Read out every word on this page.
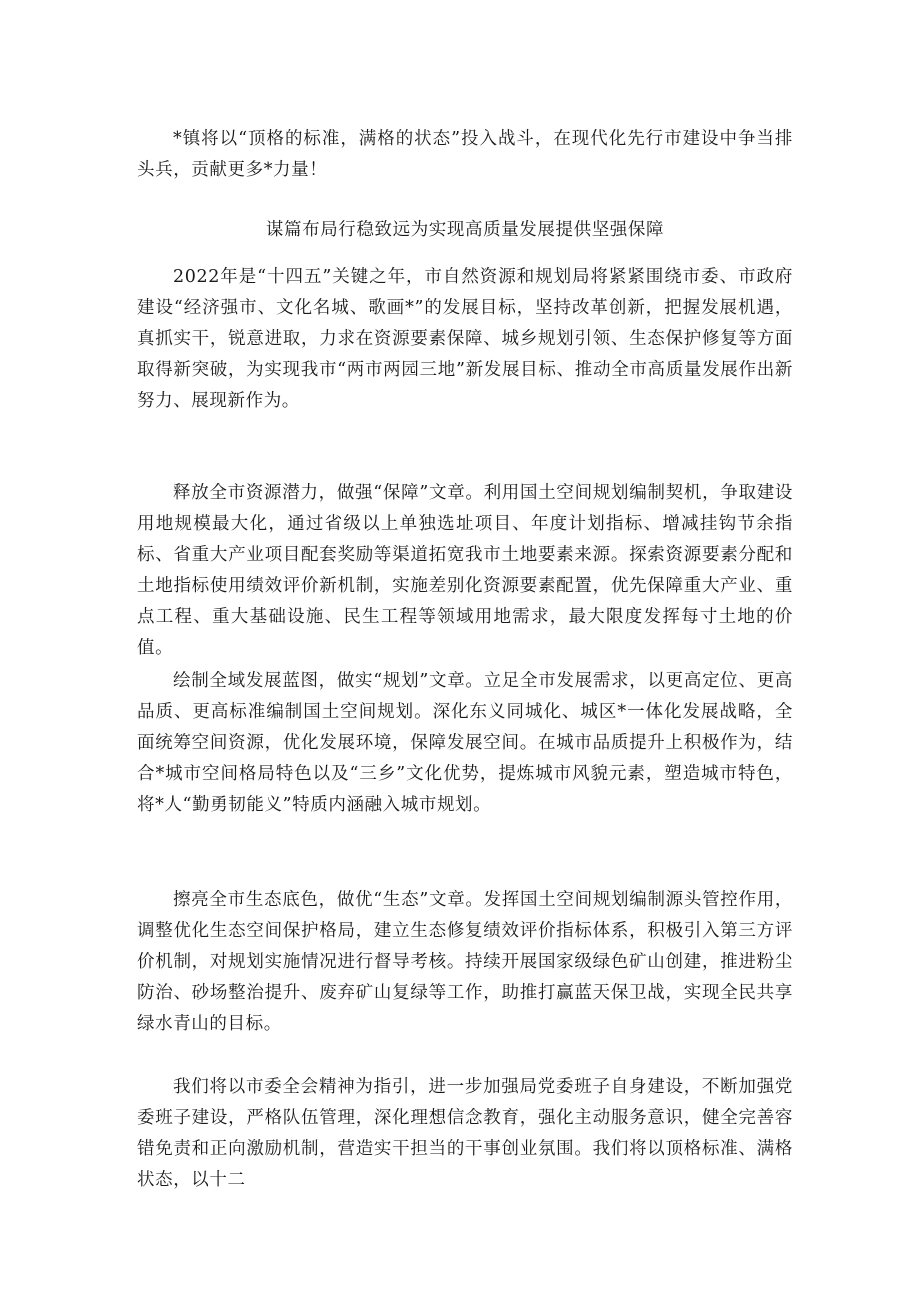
*镇将以“顶格的标准，满格的状态”投入战斗，在现代化先行市建设中争当排头兵，贡献更多*力量！

谋篇布局行稳致远为实现高质量发展提供坚强保障

2022年是“十四五”关键之年，市自然资源和规划局将紧紧围绕市委、市政府建设“经济强市、文化名城、歌画*”的发展目标，坚持改革创新，把握发展机遇，真抓实干，锐意进取，力求在资源要素保障、城乡规划引领、生态保护修复等方面取得新突破，为实现我市“两市两园三地”新发展目标、推动全市高质量发展作出新努力、展现新作为。

释放全市资源潜力，做强“保障”文章。利用国土空间规划编制契机，争取建设用地规模最大化，通过省级以上单独选址项目、年度计划指标、增减挂钩节余指标、省重大产业项目配套奖励等渠道拓宽我市土地要素来源。探索资源要素分配和土地指标使用绩效评价新机制，实施差别化资源要素配置，优先保障重大产业、重点工程、重大基础设施、民生工程等领域用地需求，最大限度发挥每寸土地的价值。

绘制全域发展蓝图，做实“规划”文章。立足全市发展需求，以更高定位、更高品质、更高标准编制国土空间规划。深化东义同城化、城区*一体化发展战略，全面统筹空间资源，优化发展环境，保障发展空间。在城市品质提升上积极作为，结合*城市空间格局特色以及“三乡”文化优势，提炼城市风貌元素，塑造城市特色，将*人“勤勇韧能义”特质内涵融入城市规划。

擦亮全市生态底色，做优“生态”文章。发挥国土空间规划编制源头管控作用，调整优化生态空间保护格局，建立生态修复绩效评价指标体系，积极引入第三方评价机制，对规划实施情况进行督导考核。持续开展国家级绿色矿山创建，推进粉尘防治、砂场整治提升、废弃矿山复绿等工作，助推打赢蓝天保卫战，实现全民共享绿水青山的目标。

我们将以市委全会精神为指引，进一步加强局党委班子自身建设，不断加强党委班子建设，严格队伍管理，深化理想信念教育，强化主动服务意识，健全完善容错免责和正向激励机制，营造实干担当的干事创业氛围。我们将以顶格标准、满格状态，以十二
